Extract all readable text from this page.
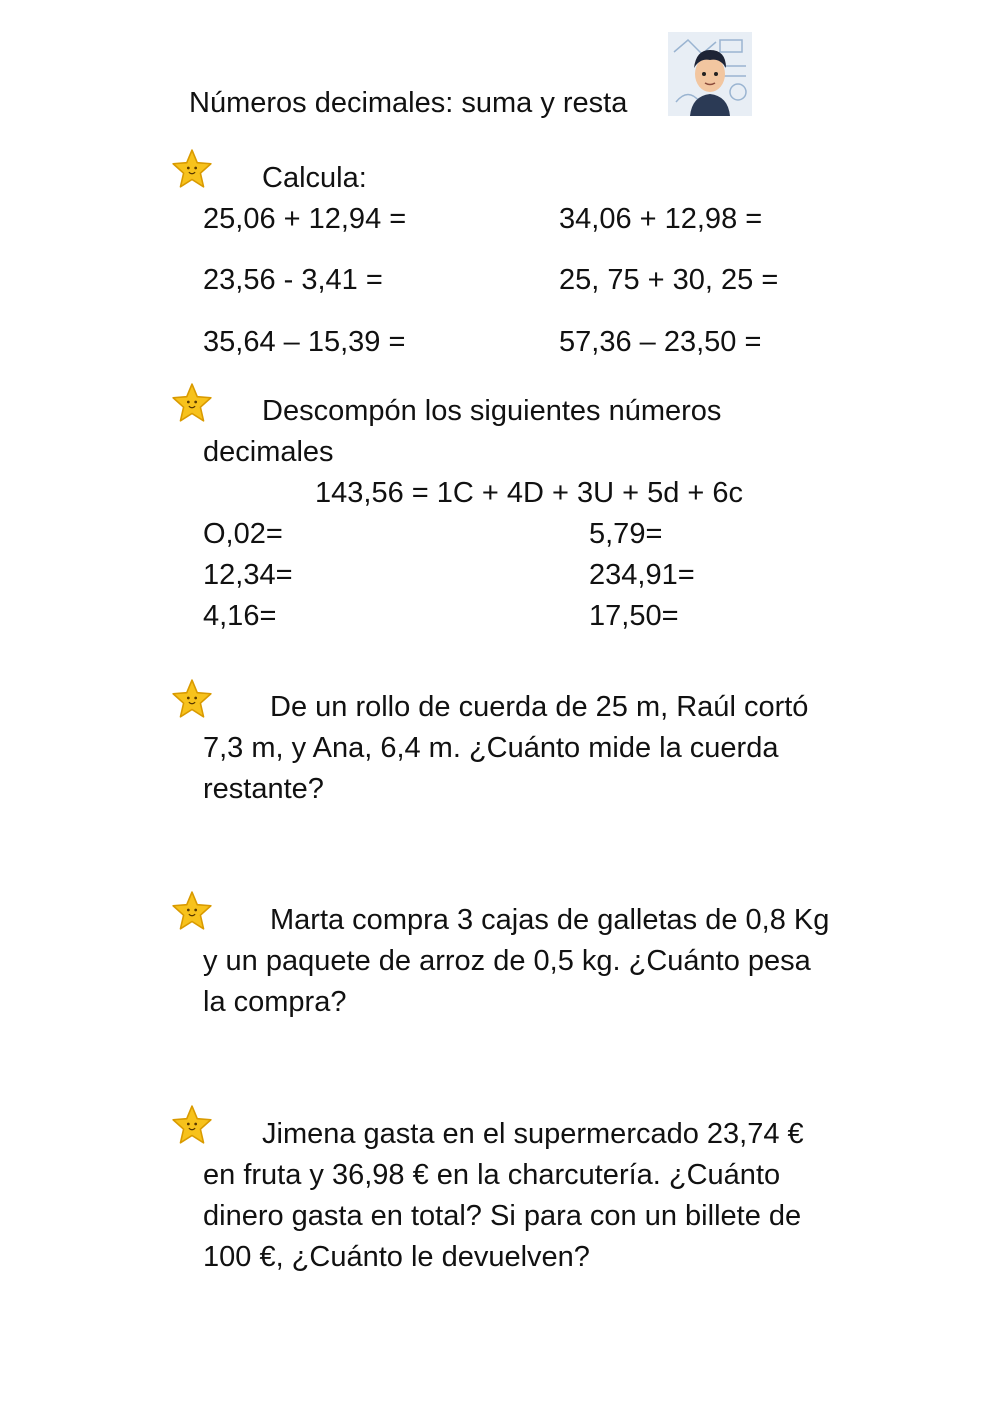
Números decimales: suma y resta
Calcula:
25,06 + 12,94 =	34,06 + 12,98 =
23,56 - 3,41 =	25, 75 + 30, 25 =
35,64 – 15,39 =	57,36 – 23,50 =
Descompón los siguientes números
decimales
143,56 = 1C + 4D + 3U + 5d + 6c
O,02=	5,79=
12,34=	234,91=
4,16=	17,50=
De un rollo de cuerda de 25 m, Raúl cortó
7,3 m, y Ana, 6,4 m. ¿Cuánto mide la cuerda
restante?
Marta compra 3 cajas de galletas de 0,8 Kg
y un paquete de arroz de 0,5 kg. ¿Cuánto pesa
la compra?
Jimena gasta en el supermercado 23,74 €
en fruta y 36,98 € en la charcutería. ¿Cuánto
dinero gasta en total? Si para con un billete de
100 €, ¿Cuánto le devuelven?
